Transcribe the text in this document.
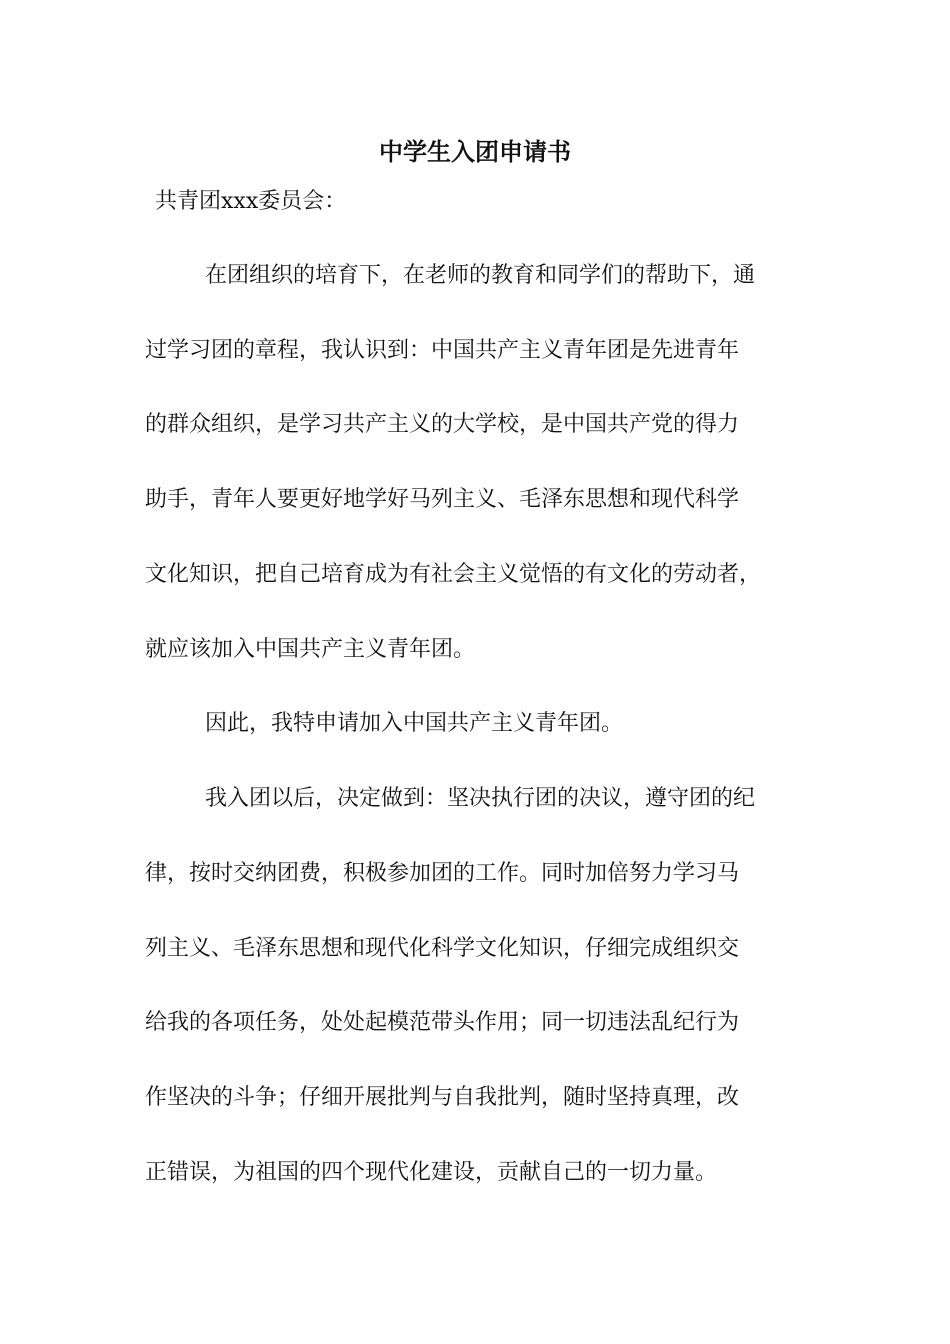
中学生入团申请书
共青团xxx委员会：
在团组织的培育下，在老师的教育和同学们的帮助下，通
过学习团的章程，我认识到：中国共产主义青年团是先进青年
的群众组织，是学习共产主义的大学校，是中国共产党的得力
助手，青年人要更好地学好马列主义、毛泽东思想和现代科学
文化知识，把自己培育成为有社会主义觉悟的有文化的劳动者，
就应该加入中国共产主义青年团。
因此，我特申请加入中国共产主义青年团。
我入团以后，决定做到：坚决执行团的决议，遵守团的纪
律，按时交纳团费，积极参加团的工作。同时加倍努力学习马
列主义、毛泽东思想和现代化科学文化知识，仔细完成组织交
给我的各项任务，处处起模范带头作用；同一切违法乱纪行为
作坚决的斗争；仔细开展批判与自我批判，随时坚持真理，改
正错误，为祖国的四个现代化建设，贡献自己的一切力量。
